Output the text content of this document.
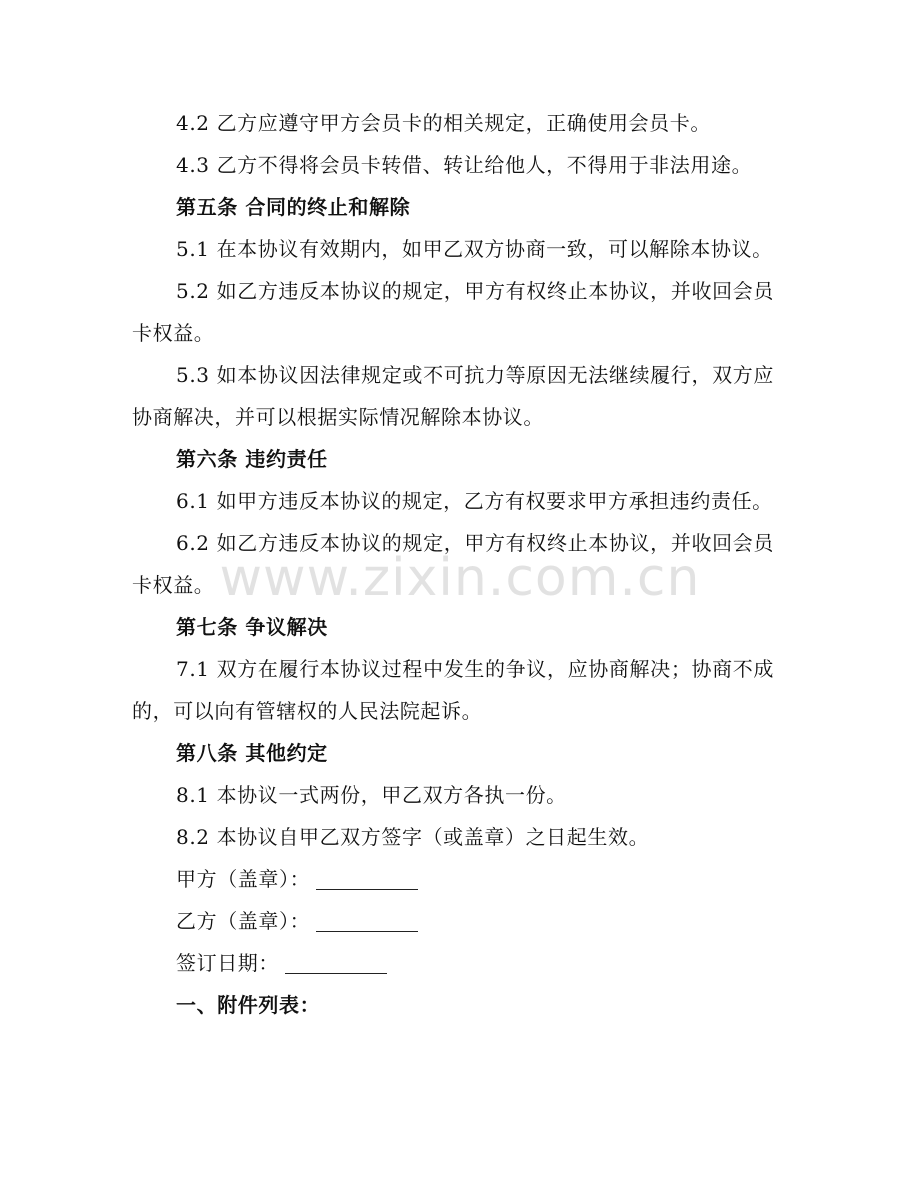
4.2 乙方应遵守甲方会员卡的相关规定，正确使用会员卡。

4.3 乙方不得将会员卡转借、转让给他人，不得用于非法用途。

第五条 合同的终止和解除

5.1 在本协议有效期内，如甲乙双方协商一致，可以解除本协议。

5.2 如乙方违反本协议的规定，甲方有权终止本协议，并收回会员卡权益。

5.3 如本协议因法律规定或不可抗力等原因无法继续履行，双方应协商解决，并可以根据实际情况解除本协议。

第六条 违约责任

6.1 如甲方违反本协议的规定，乙方有权要求甲方承担违约责任。

6.2 如乙方违反本协议的规定，甲方有权终止本协议，并收回会员卡权益。

第七条 争议解决

7.1 双方在履行本协议过程中发生的争议，应协商解决；协商不成的，可以向有管辖权的人民法院起诉。

第八条 其他约定

8.1 本协议一式两份，甲乙双方各执一份。

8.2 本协议自甲乙双方签字（或盖章）之日起生效。

甲方（盖章）：

乙方（盖章）：

签订日期：

一、附件列表：

www.zixin.com.cn
